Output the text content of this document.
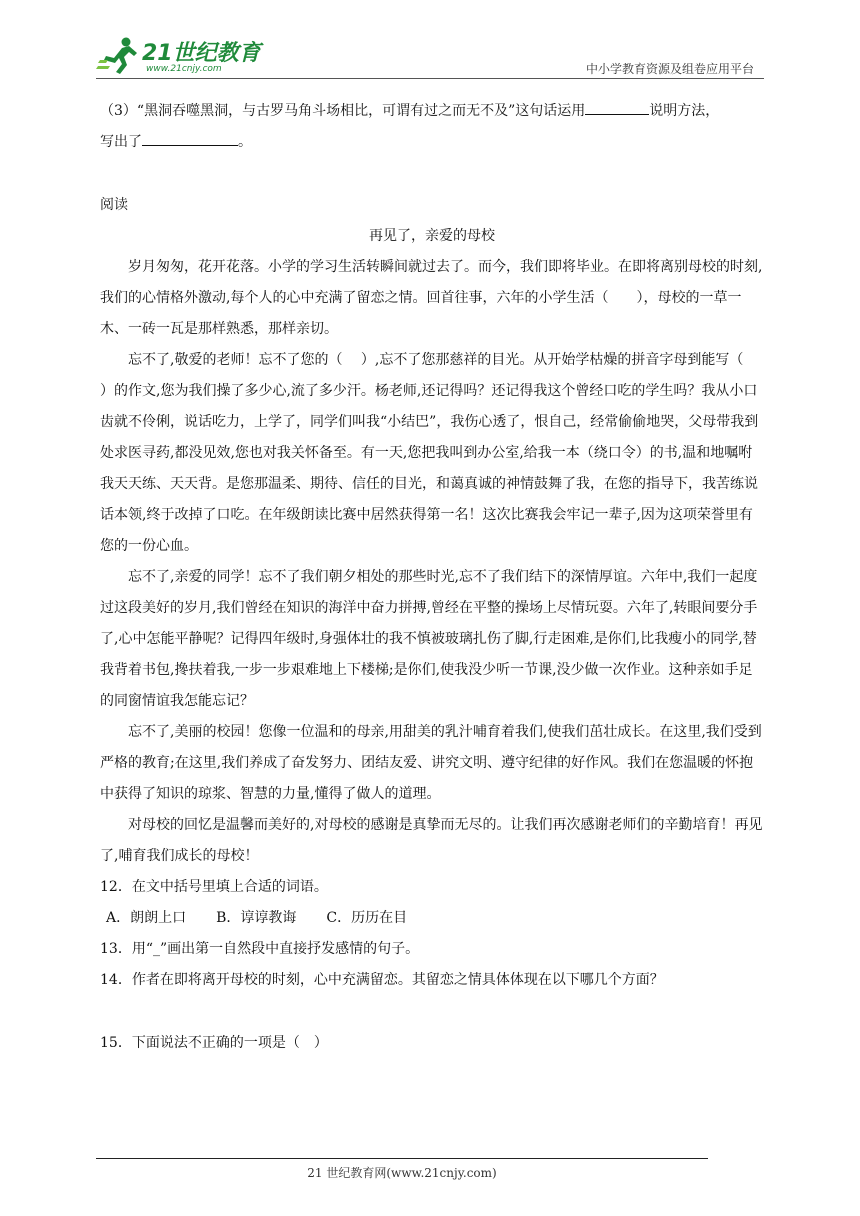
21世纪教育
www.21cnjy.com	中小学教育资源及组卷应用平台

（3）“黑洞吞噬黑洞，与古罗马角斗场相比，可谓有过之而无不及”这句话运用	说明方法，

写出了	。

阅读

再见了，亲爱的母校

岁月匆匆，花开花落。小学的学习生活转瞬间就过去了。而今，我们即将毕业。在即将离别母校的时刻,我们的心情格外激动,每个人的心中充满了留恋之情。回首往事，六年的小学生活（　　），母校的一草一木、一砖一瓦是那样熟悉，那样亲切。

忘不了,敬爱的老师！忘不了您的（　 ）,忘不了您那慈祥的目光。从开始学枯燥的拼音字母到能写（　 ）的作文,您为我们操了多少心,流了多少汗。杨老师,还记得吗？还记得我这个曾经口吃的学生吗？我从小口齿就不伶俐，说话吃力，上学了，同学们叫我“小结巴”，我伤心透了，恨自己，经常偷偷地哭，父母带我到处求医寻药,都没见效,您也对我关怀备至。有一天,您把我叫到办公室,给我一本（绕口令）的书,温和地嘱咐我天天练、天天背。是您那温柔、期待、信任的目光，和蔼真诚的神情鼓舞了我，在您的指导下，我苦练说话本领,终于改掉了口吃。在年级朗读比赛中居然获得第一名！这次比赛我会牢记一辈子,因为这项荣誉里有您的一份心血。

忘不了,亲爱的同学！忘不了我们朝夕相处的那些时光,忘不了我们结下的深情厚谊。六年中,我们一起度过这段美好的岁月,我们曾经在知识的海洋中奋力拼搏,曾经在平整的操场上尽情玩耍。六年了,转眼间要分手了,心中怎能平静呢？记得四年级时,身强体壮的我不慎被玻璃扎伤了脚,行走困难,是你们,比我瘦小的同学,替我背着书包,搀扶着我,一步一步艰难地上下楼梯;是你们,使我没少听一节课,没少做一次作业。这种亲如手足的同窗情谊我怎能忘记？

忘不了,美丽的校园！您像一位温和的母亲,用甜美的乳汁哺育着我们,使我们茁壮成长。在这里,我们受到严格的教育;在这里,我们养成了奋发努力、团结友爱、讲究文明、遵守纪律的好作风。我们在您温暖的怀抱中获得了知识的琼浆、智慧的力量,懂得了做人的道理。

对母校的回忆是温馨而美好的,对母校的感谢是真挚而无尽的。让我们再次感谢老师们的辛勤培育！再见了,哺育我们成长的母校！

12．在文中括号里填上合适的词语。

A．朗朗上口 B．谆谆教诲 C．历历在目

13．用“_”画出第一自然段中直接抒发感情的句子。

14．作者在即将离开母校的时刻，心中充满留恋。其留恋之情具体体现在以下哪几个方面？

15．下面说法不正确的一项是（　）

21 世纪教育网(www.21cnjy.com)
